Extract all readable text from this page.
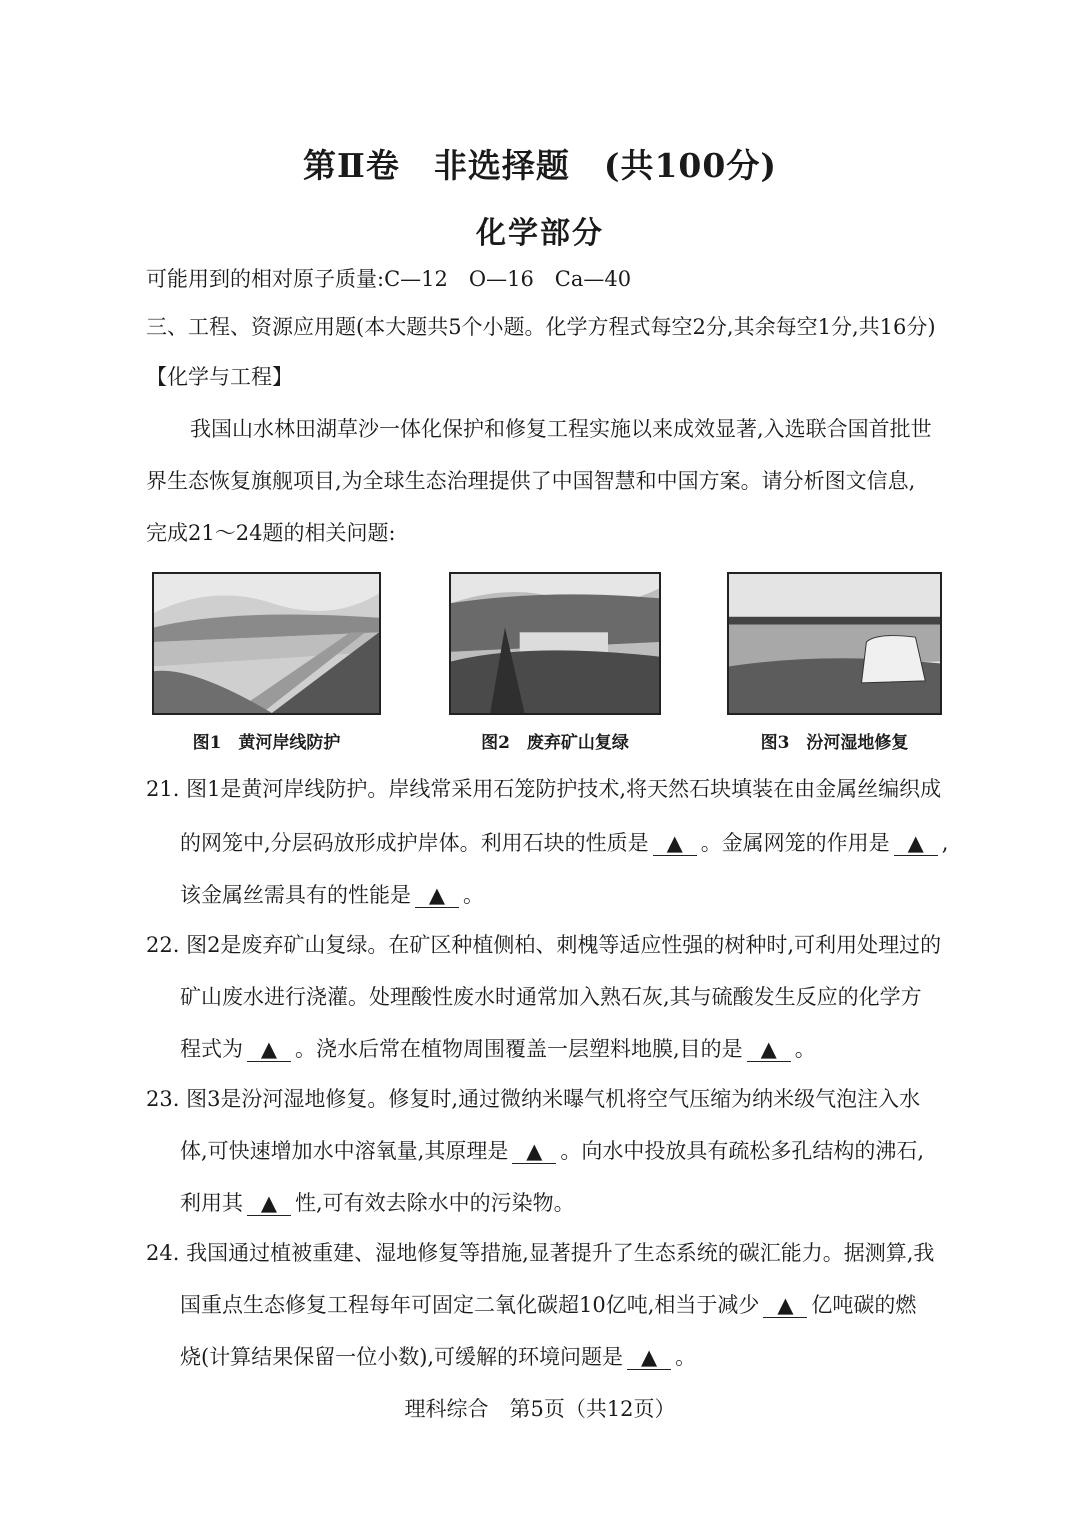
第Ⅱ卷　非选择题　(共100分)
化学部分
可能用到的相对原子质量:C—12　O—16　Ca—40
三、工程、资源应用题(本大题共5个小题。化学方程式每空2分,其余每空1分,共16分)
【化学与工程】
我国山水林田湖草沙一体化保护和修复工程实施以来成效显著,入选联合国首批世
界生态恢复旗舰项目,为全球生态治理提供了中国智慧和中国方案。请分析图文信息,
完成21～24题的相关问题:
图1　黄河岸线防护	图2　废弃矿山复绿	图3　汾河湿地修复
21. 图1是黄河岸线防护。岸线常采用石笼防护技术,将天然石块填装在由金属丝编织成
的网笼中,分层码放形成护岸体。利用石块的性质是 ▲ 。金属网笼的作用是 ▲ ,
该金属丝需具有的性能是 ▲ 。
22. 图2是废弃矿山复绿。在矿区种植侧柏、刺槐等适应性强的树种时,可利用处理过的
矿山废水进行浇灌。处理酸性废水时通常加入熟石灰,其与硫酸发生反应的化学方
程式为 ▲ 。浇水后常在植物周围覆盖一层塑料地膜,目的是 ▲ 。
23. 图3是汾河湿地修复。修复时,通过微纳米曝气机将空气压缩为纳米级气泡注入水
体,可快速增加水中溶氧量,其原理是 ▲ 。向水中投放具有疏松多孔结构的沸石,
利用其 ▲ 性,可有效去除水中的污染物。
24. 我国通过植被重建、湿地修复等措施,显著提升了生态系统的碳汇能力。据测算,我
国重点生态修复工程每年可固定二氧化碳超10亿吨,相当于减少 ▲ 亿吨碳的燃
烧(计算结果保留一位小数),可缓解的环境问题是 ▲ 。
理科综合　第5页（共12页）
